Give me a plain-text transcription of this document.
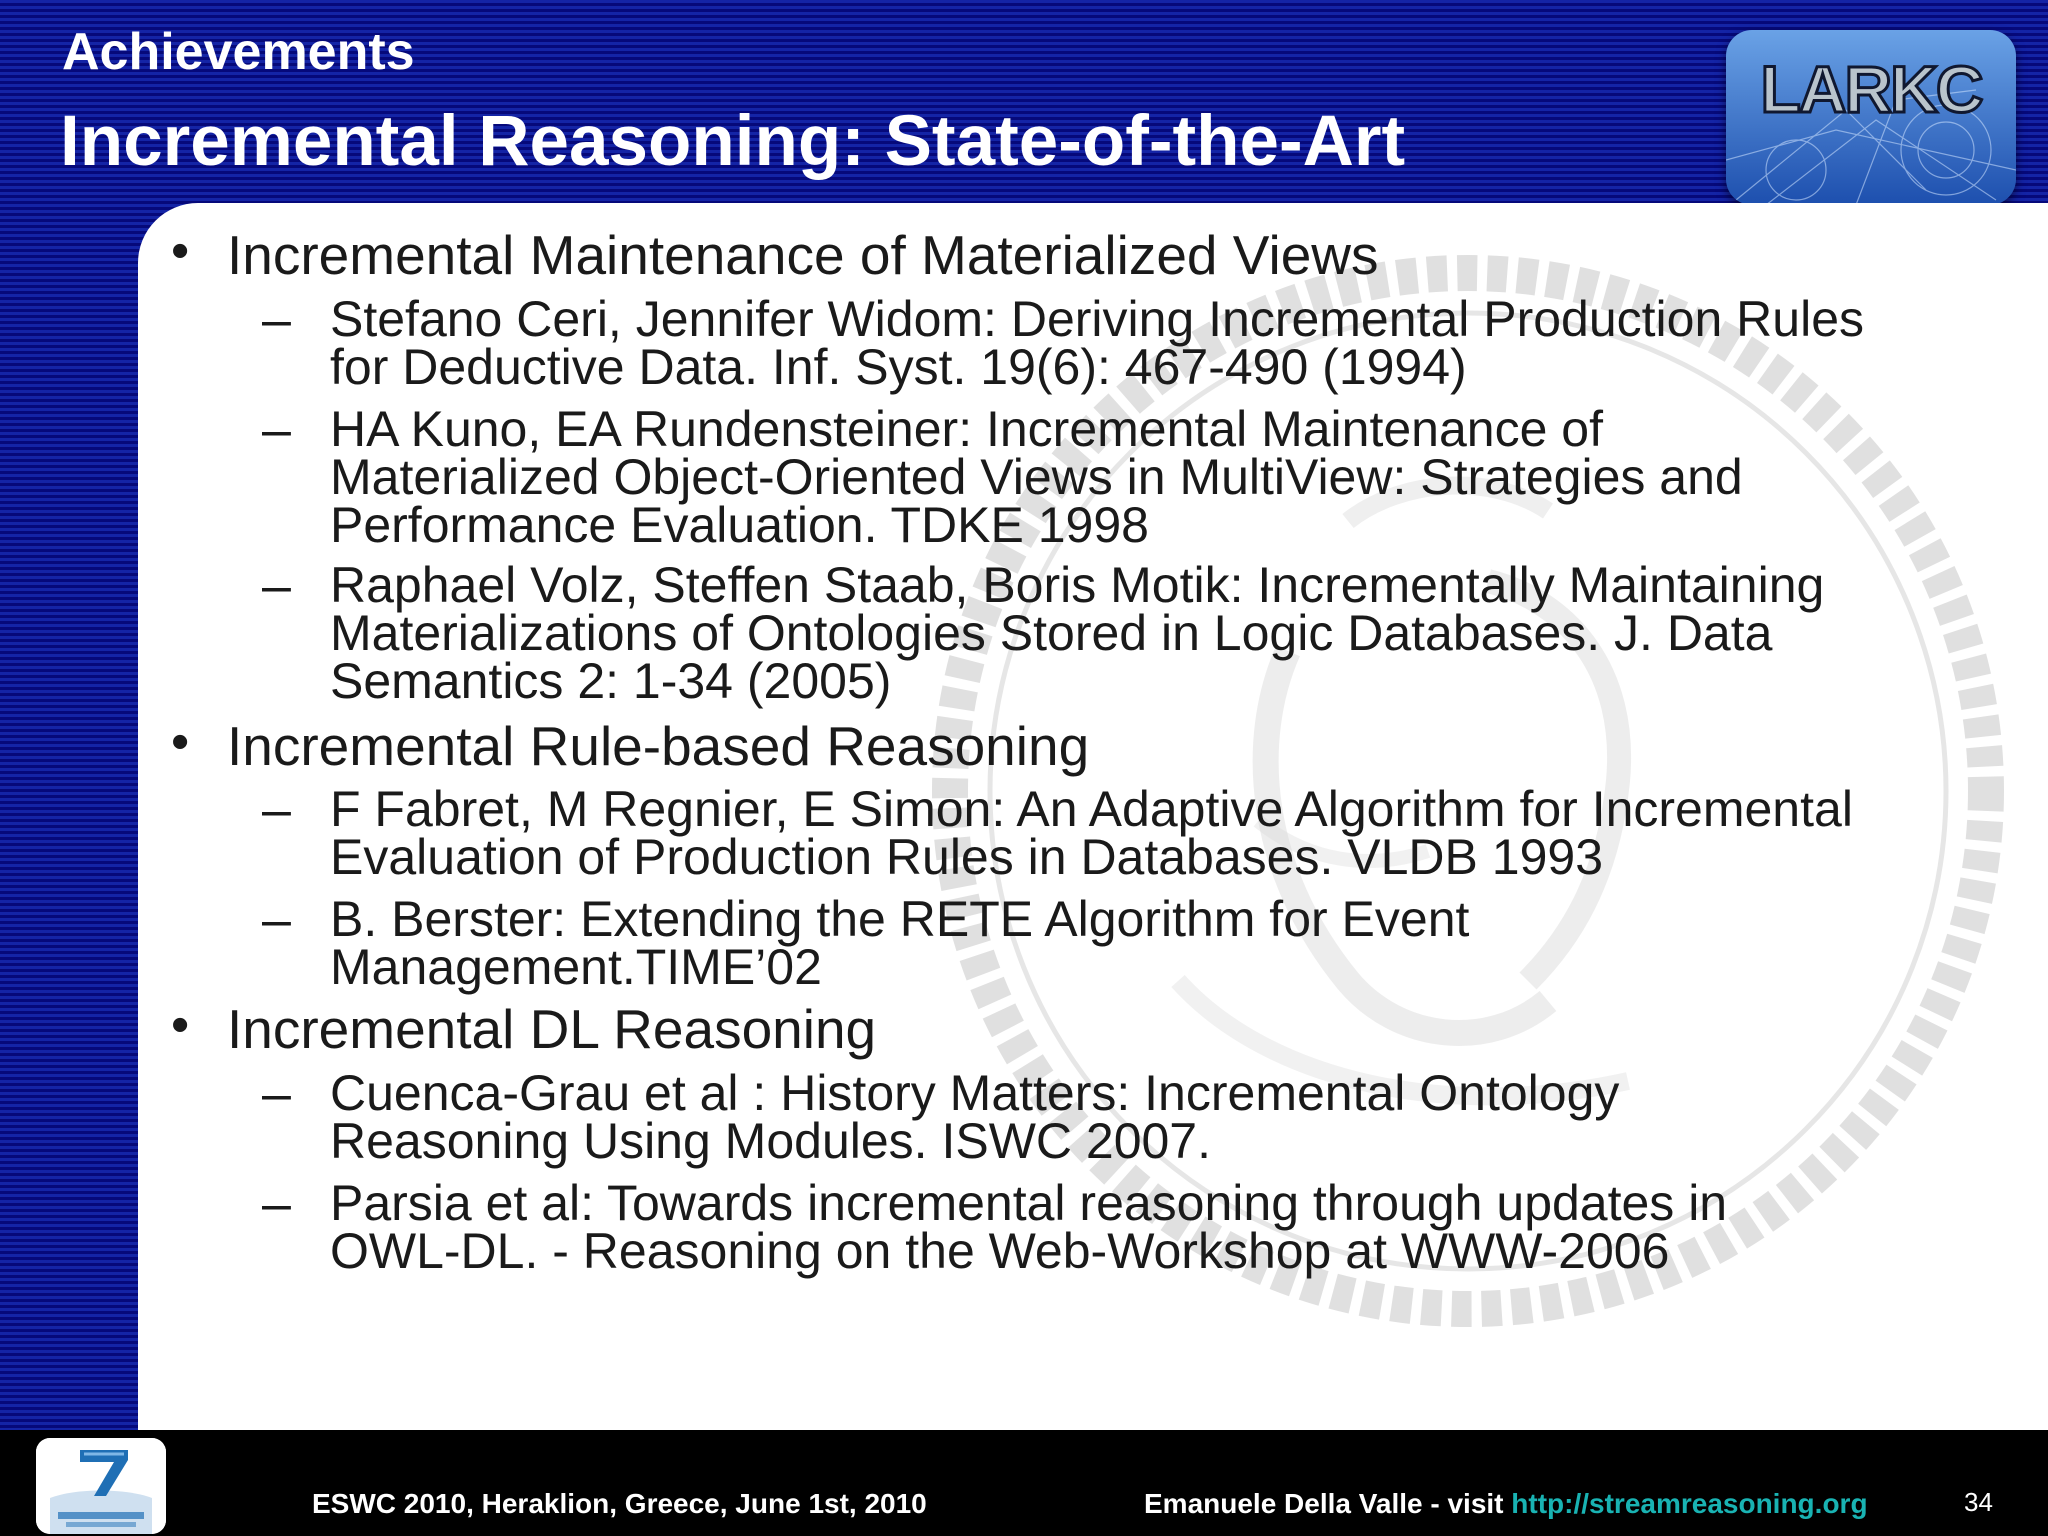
Achievements
Incremental Reasoning: State-of-the-Art
LARKC
• Incremental Maintenance of Materialized Views
– Stefano Ceri, Jennifer Widom: Deriving Incremental Production Rules
for Deductive Data. Inf. Syst. 19(6): 467-490 (1994)
– HA Kuno, EA Rundensteiner: Incremental Maintenance of
Materialized Object-Oriented Views in MultiView: Strategies and
Performance Evaluation. TDKE 1998
– Raphael Volz, Steffen Staab, Boris Motik: Incrementally Maintaining
Materializations of Ontologies Stored in Logic Databases. J. Data
Semantics 2: 1-34 (2005)
• Incremental Rule-based Reasoning
– F Fabret, M Regnier, E Simon: An Adaptive Algorithm for Incremental
Evaluation of Production Rules in Databases. VLDB 1993
– B. Berster: Extending the RETE Algorithm for Event
Management.TIME’02
• Incremental DL Reasoning
– Cuenca-Grau et al : History Matters: Incremental Ontology
Reasoning Using Modules. ISWC 2007.
– Parsia et al: Towards incremental reasoning through updates in
OWL-DL. - Reasoning on the Web-Workshop at WWW-2006
ESWC 2010, Heraklion, Greece, June 1st, 2010	Emanuele Della Valle - visit http://streamreasoning.org	34
